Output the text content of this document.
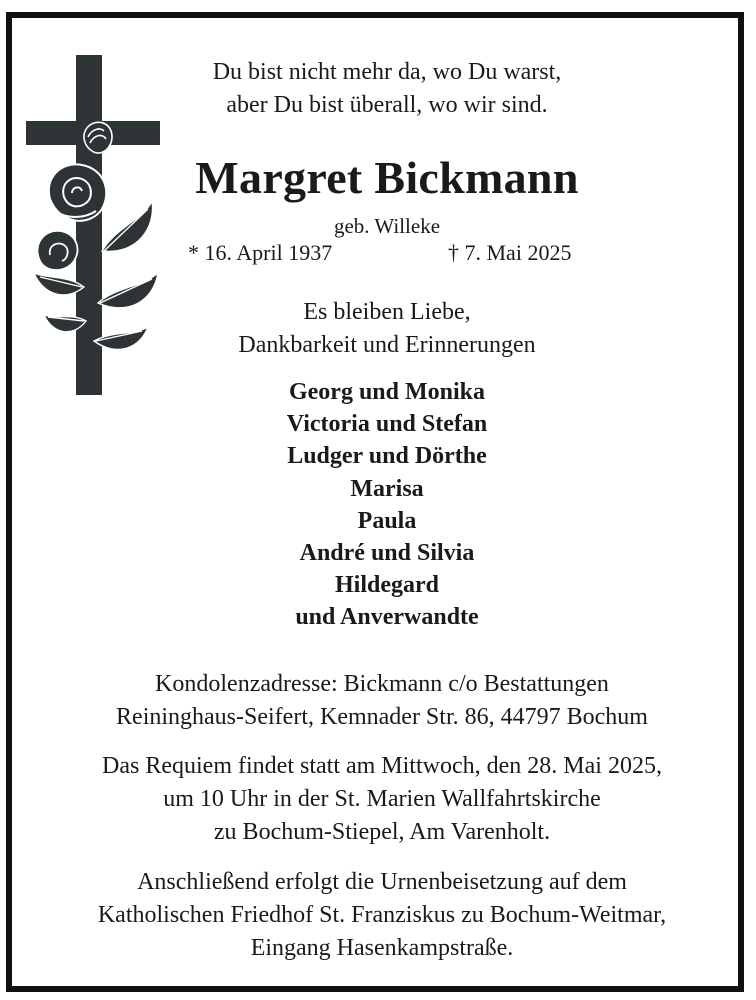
Du bist nicht mehr da, wo Du warst,
aber Du bist überall, wo wir sind.
Margret Bickmann
geb. Willeke
* 16. April 1937	† 7. Mai 2025
Es bleiben Liebe,
Dankbarkeit und Erinnerungen
Georg und Monika
Victoria und Stefan
Ludger und Dörthe
Marisa
Paula
André und Silvia
Hildegard
und Anverwandte
Kondolenzadresse: Bickmann c/o Bestattungen
Reininghaus-Seifert, Kemnader Str. 86, 44797 Bochum
Das Requiem findet statt am Mittwoch, den 28. Mai 2025,
um 10 Uhr in der St. Marien Wallfahrtskirche
zu Bochum-Stiepel, Am Varenholt.
Anschließend erfolgt die Urnenbeisetzung auf dem
Katholischen Friedhof St. Franziskus zu Bochum-Weitmar,
Eingang Hasenkampstraße.
